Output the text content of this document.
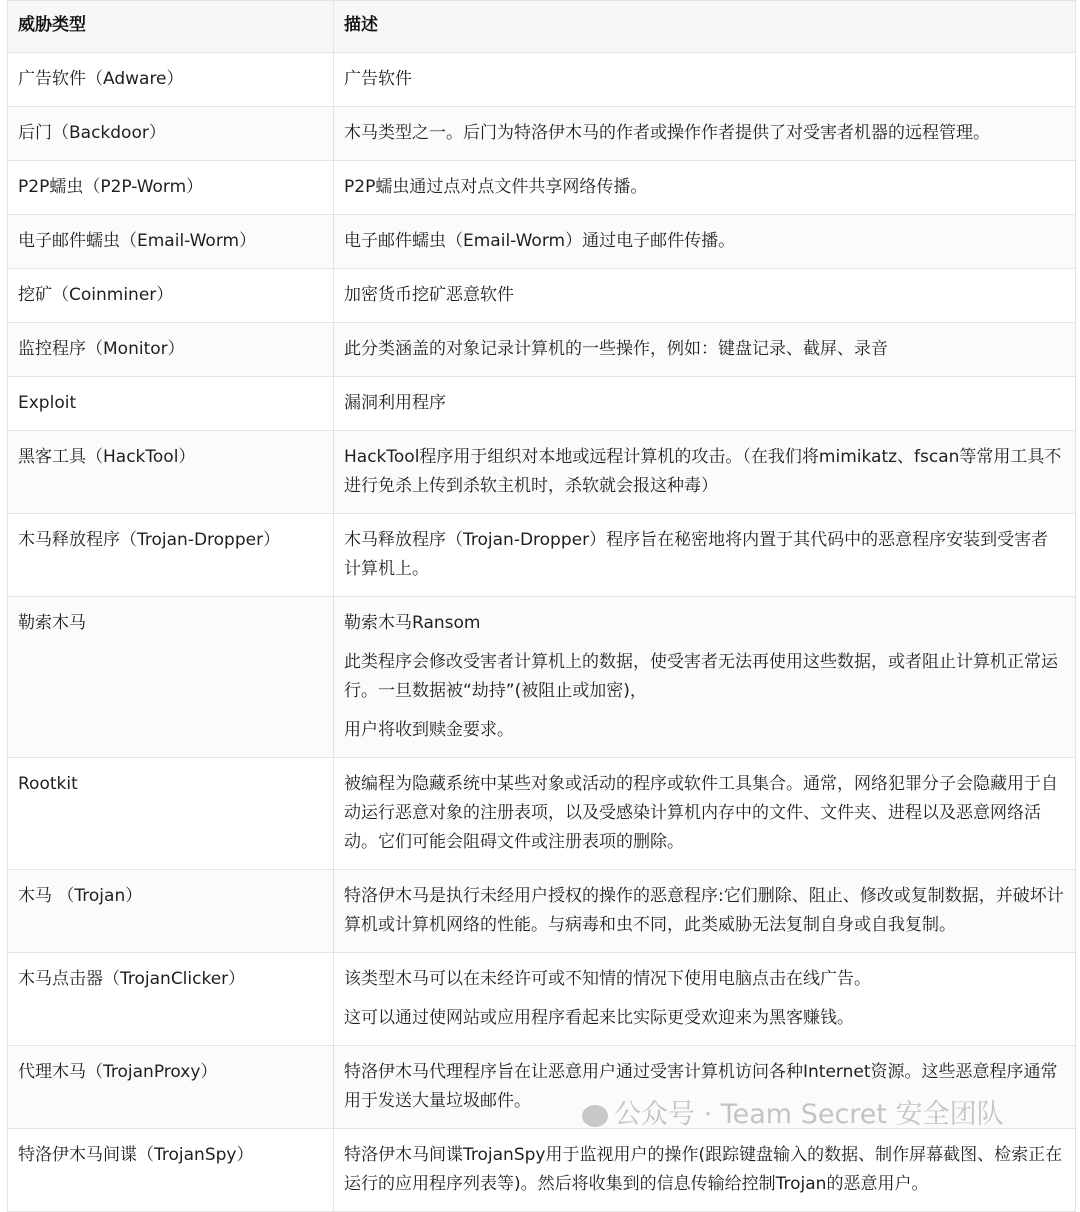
威胁类型	描述
广告软件（Adware）	广告软件

后门（Backdoor）	木马类型之一。后门为特洛伊木马的作者或操作作者提供了对受害者机器的远程管理。

P2P蠕虫（P2P-Worm）	P2P蠕虫通过点对点文件共享网络传播。

电子邮件蠕虫（Email-Worm）	电子邮件蠕虫（Email-Worm）通过电子邮件传播。

挖矿（Coinminer）	加密货币挖矿恶意软件

监控程序（Monitor）	此分类涵盖的对象记录计算机的一些操作，例如：键盘记录、截屏、录音

Exploit	漏洞利用程序

黑客工具（HackTool）	HackTool程序用于组织对本地或远程计算机的攻击。（在我们将mimikatz、fscan等常用工具不进行免杀上传到杀软主机时，杀软就会报这种毒）

木马释放程序（Trojan-Dropper）	木马释放程序（Trojan-Dropper）程序旨在秘密地将内置于其代码中的恶意程序安装到受害者计算机上。

勒索木马	勒索木马Ransom

此类程序会修改受害者计算机上的数据，使受害者无法再使用这些数据，或者阻止计算机正常运行。一旦数据被“劫持”(被阻止或加密)，

用户将收到赎金要求。

Rootkit	被编程为隐藏系统中某些对象或活动的程序或软件工具集合。通常，网络犯罪分子会隐藏用于自动运行恶意对象的注册表项，以及受感染计算机内存中的文件、文件夹、进程以及恶意网络活动。它们可能会阻碍文件或注册表项的删除。

木马 （Trojan）	特洛伊木马是执行未经用户授权的操作的恶意程序:它们删除、阻止、修改或复制数据，并破坏计算机或计算机网络的性能。与病毒和虫不同，此类威胁无法复制自身或自我复制。

木马点击器（TrojanClicker）	该类型木马可以在未经许可或不知情的情况下使用电脑点击在线广告。

这可以通过使网站或应用程序看起来比实际更受欢迎来为黑客赚钱。

代理木马（TrojanProxy）	特洛伊木马代理程序旨在让恶意用户通过受害计算机访问各种Internet资源。这些恶意程序通常用于发送大量垃圾邮件。

特洛伊木马间谍（TrojanSpy）	特洛伊木马间谍TrojanSpy用于监视用户的操作(跟踪键盘输入的数据、制作屏幕截图、检索正在运行的应用程序列表等)。然后将收集到的信息传输给控制Trojan的恶意用户。

公众号 · Team Secret 安全团队
